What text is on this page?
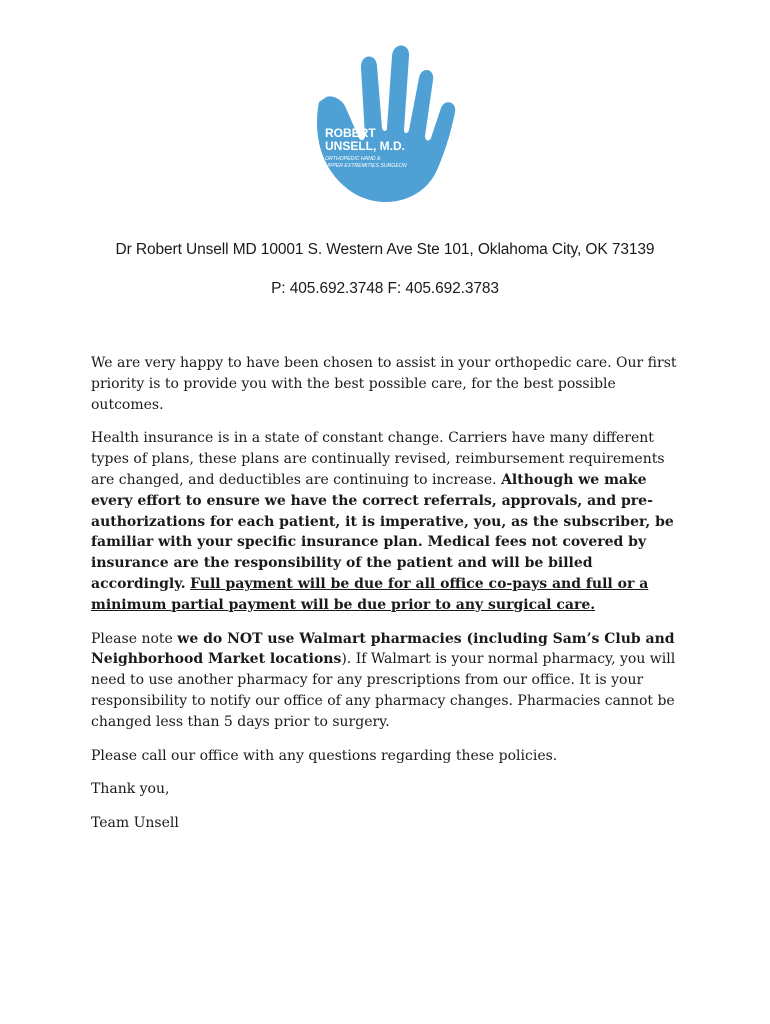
ROBERT
UNSELL, M.D.
ORTHOPEDIC HAND &
UPPER EXTREMITIES SURGEON
Dr Robert Unsell MD 10001 S. Western Ave Ste 101, Oklahoma City, OK 73139
P: 405.692.3748 F: 405.692.3783

We are very happy to have been chosen to assist in your orthopedic care. Our first priority is to provide you with the best possible care, for the best possible outcomes.

Health insurance is in a state of constant change. Carriers have many different types of plans, these plans are continually revised, reimbursement requirements are changed, and deductibles are continuing to increase. Although we make every effort to ensure we have the correct referrals, approvals, and pre-authorizations for each patient, it is imperative, you, as the subscriber, be familiar with your specific insurance plan. Medical fees not covered by insurance are the responsibility of the patient and will be billed accordingly. Full payment will be due for all office co-pays and full or a minimum partial payment will be due prior to any surgical care.

Please note we do NOT use Walmart pharmacies (including Sam’s Club and Neighborhood Market locations). If Walmart is your normal pharmacy, you will need to use another pharmacy for any prescriptions from our office. It is your responsibility to notify our office of any pharmacy changes. Pharmacies cannot be changed less than 5 days prior to surgery.

Please call our office with any questions regarding these policies.

Thank you,

Team Unsell
